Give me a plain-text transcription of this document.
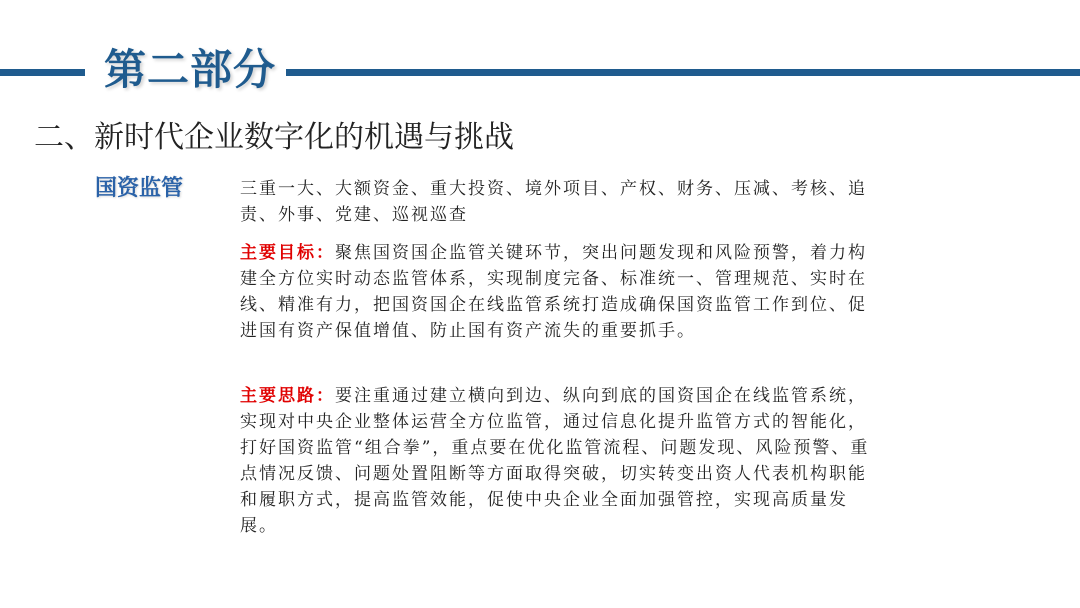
第二部分
二、新时代企业数字化的机遇与挑战
国资监管	三重一大、大额资金、重大投资、境外项目、产权、财务、压减、考核、追责、外事、党建、巡视巡查

主要目标：聚焦国资国企监管关键环节，突出问题发现和风险预警，着力构建全方位实时动态监管体系，实现制度完备、标准统一、管理规范、实时在线、精准有力，把国资国企在线监管系统打造成确保国资监管工作到位、促进国有资产保值增值、防止国有资产流失的重要抓手。

主要思路：要注重通过建立横向到边、纵向到底的国资国企在线监管系统，实现对中央企业整体运营全方位监管，通过信息化提升监管方式的智能化，打好国资监管“组合拳”，重点要在优化监管流程、问题发现、风险预警、重点情况反馈、问题处置阻断等方面取得突破，切实转变出资人代表机构职能和履职方式，提高监管效能，促使中央企业全面加强管控，实现高质量发展。
